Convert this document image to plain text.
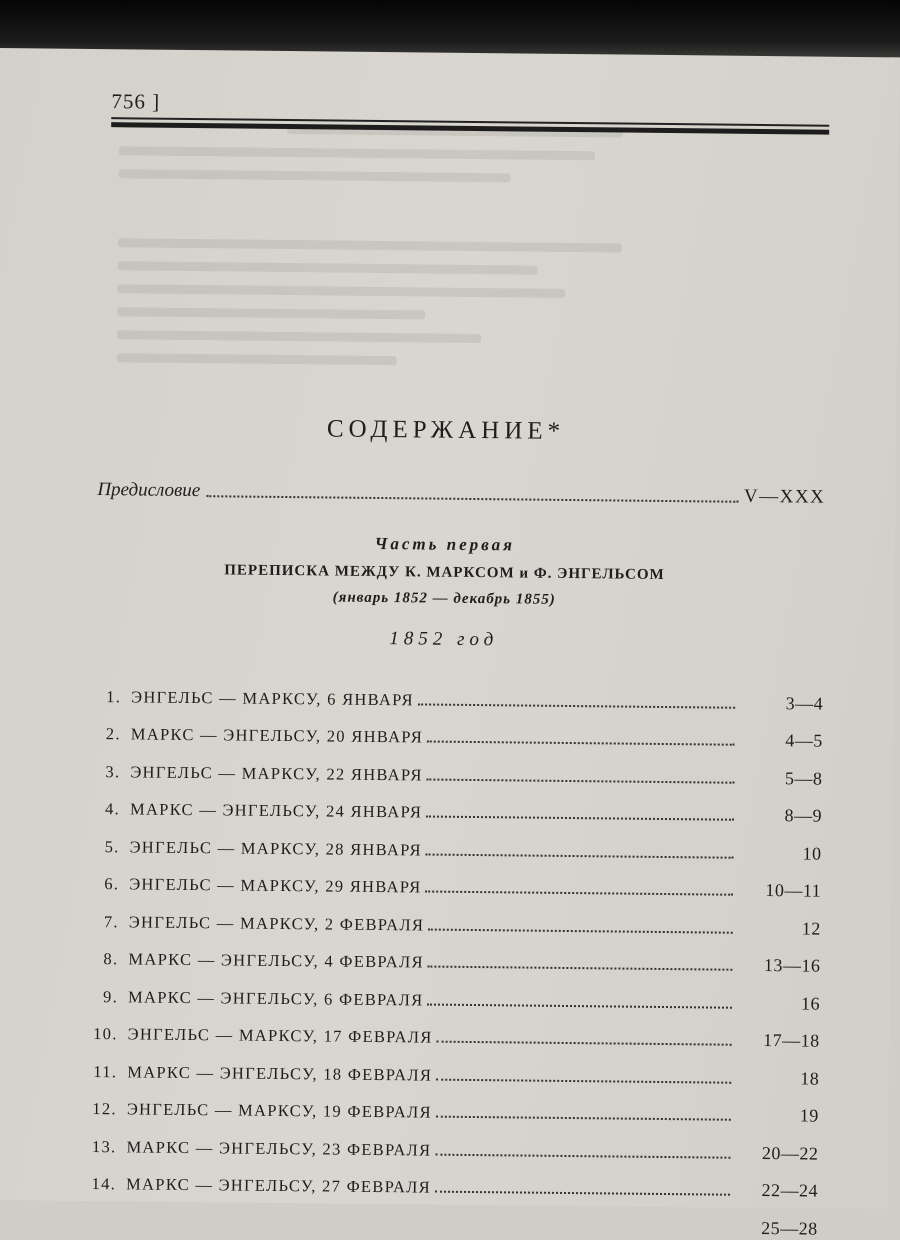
756 ]
СОДЕРЖАНИЕ*
Предисловие	V—XXX
Часть первая
ПЕРЕПИСКА МЕЖДУ К. МАРКСОМ и Ф. ЭНГЕЛЬСОМ
(январь 1852 — декабрь 1855)
1852 год
1. ЭНГЕЛЬС — МАРКСУ, 6 ЯНВАРЯ	3—4
2. МАРКС — ЭНГЕЛЬСУ, 20 ЯНВАРЯ	4—5
3. ЭНГЕЛЬС — МАРКСУ, 22 ЯНВАРЯ	5—8
4. МАРКС — ЭНГЕЛЬСУ, 24 ЯНВАРЯ	8—9
5. ЭНГЕЛЬС — МАРКСУ, 28 ЯНВАРЯ	10
6. ЭНГЕЛЬС — МАРКСУ, 29 ЯНВАРЯ	10—11
7. ЭНГЕЛЬС — МАРКСУ, 2 ФЕВРАЛЯ	12
8. МАРКС — ЭНГЕЛЬСУ, 4 ФЕВРАЛЯ	13—16
9. МАРКС — ЭНГЕЛЬСУ, 6 ФЕВРАЛЯ	16
10. ЭНГЕЛЬС — МАРКСУ, 17 ФЕВРАЛЯ	17—18
11. МАРКС — ЭНГЕЛЬСУ, 18 ФЕВРАЛЯ	18
12. ЭНГЕЛЬС — МАРКСУ, 19 ФЕВРАЛЯ	19
13. МАРКС — ЭНГЕЛЬСУ, 23 ФЕВРАЛЯ	20—22
14. МАРКС — ЭНГЕЛЬСУ, 27 ФЕВРАЛЯ	22—24
25—28
